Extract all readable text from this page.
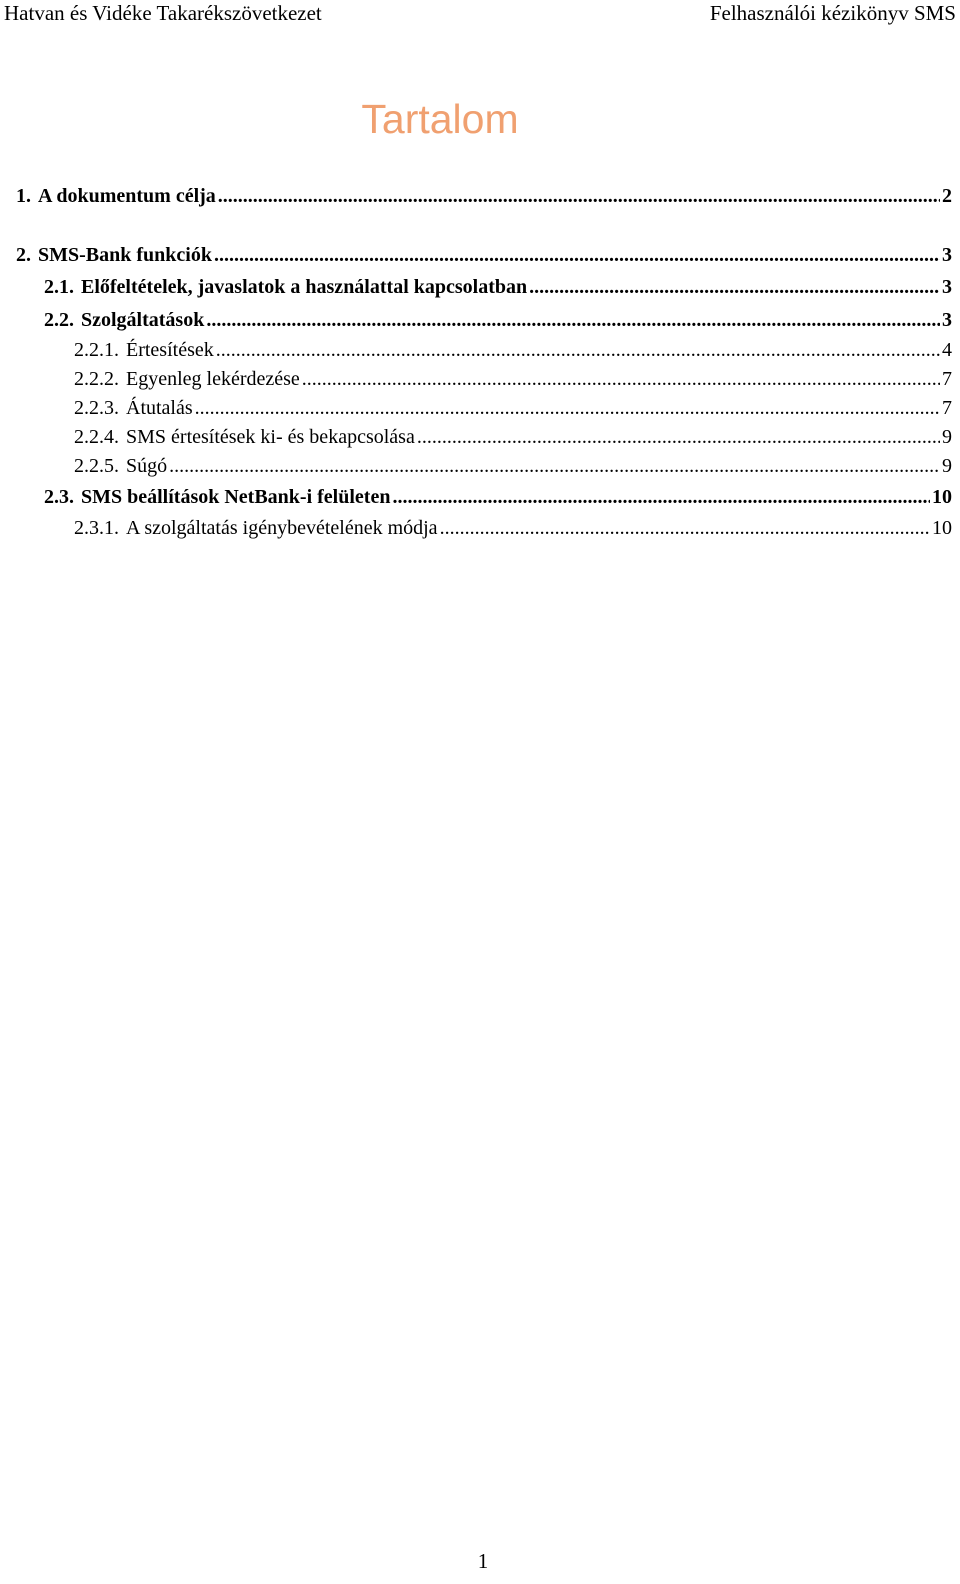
Hatvan és Vidéke Takarékszövetkezet	Felhasználói kézikönyv SMS
Tartalom
1. A dokumentum célja .....	2
2. SMS-Bank funkciók .....	3
2.1. Előfeltételek, javaslatok a használattal kapcsolatban .....	3
2.2. Szolgáltatások .....	3
2.2.1. Értesítések .....	4
2.2.2. Egyenleg lekérdezése .....	7
2.2.3. Átutalás .....	7
2.2.4. SMS értesítések ki- és bekapcsolása .....	9
2.2.5. Súgó .....	9
2.3. SMS beállítások NetBank-i felületen .....	10
2.3.1. A szolgáltatás igénybevételének módja .....	10
1
